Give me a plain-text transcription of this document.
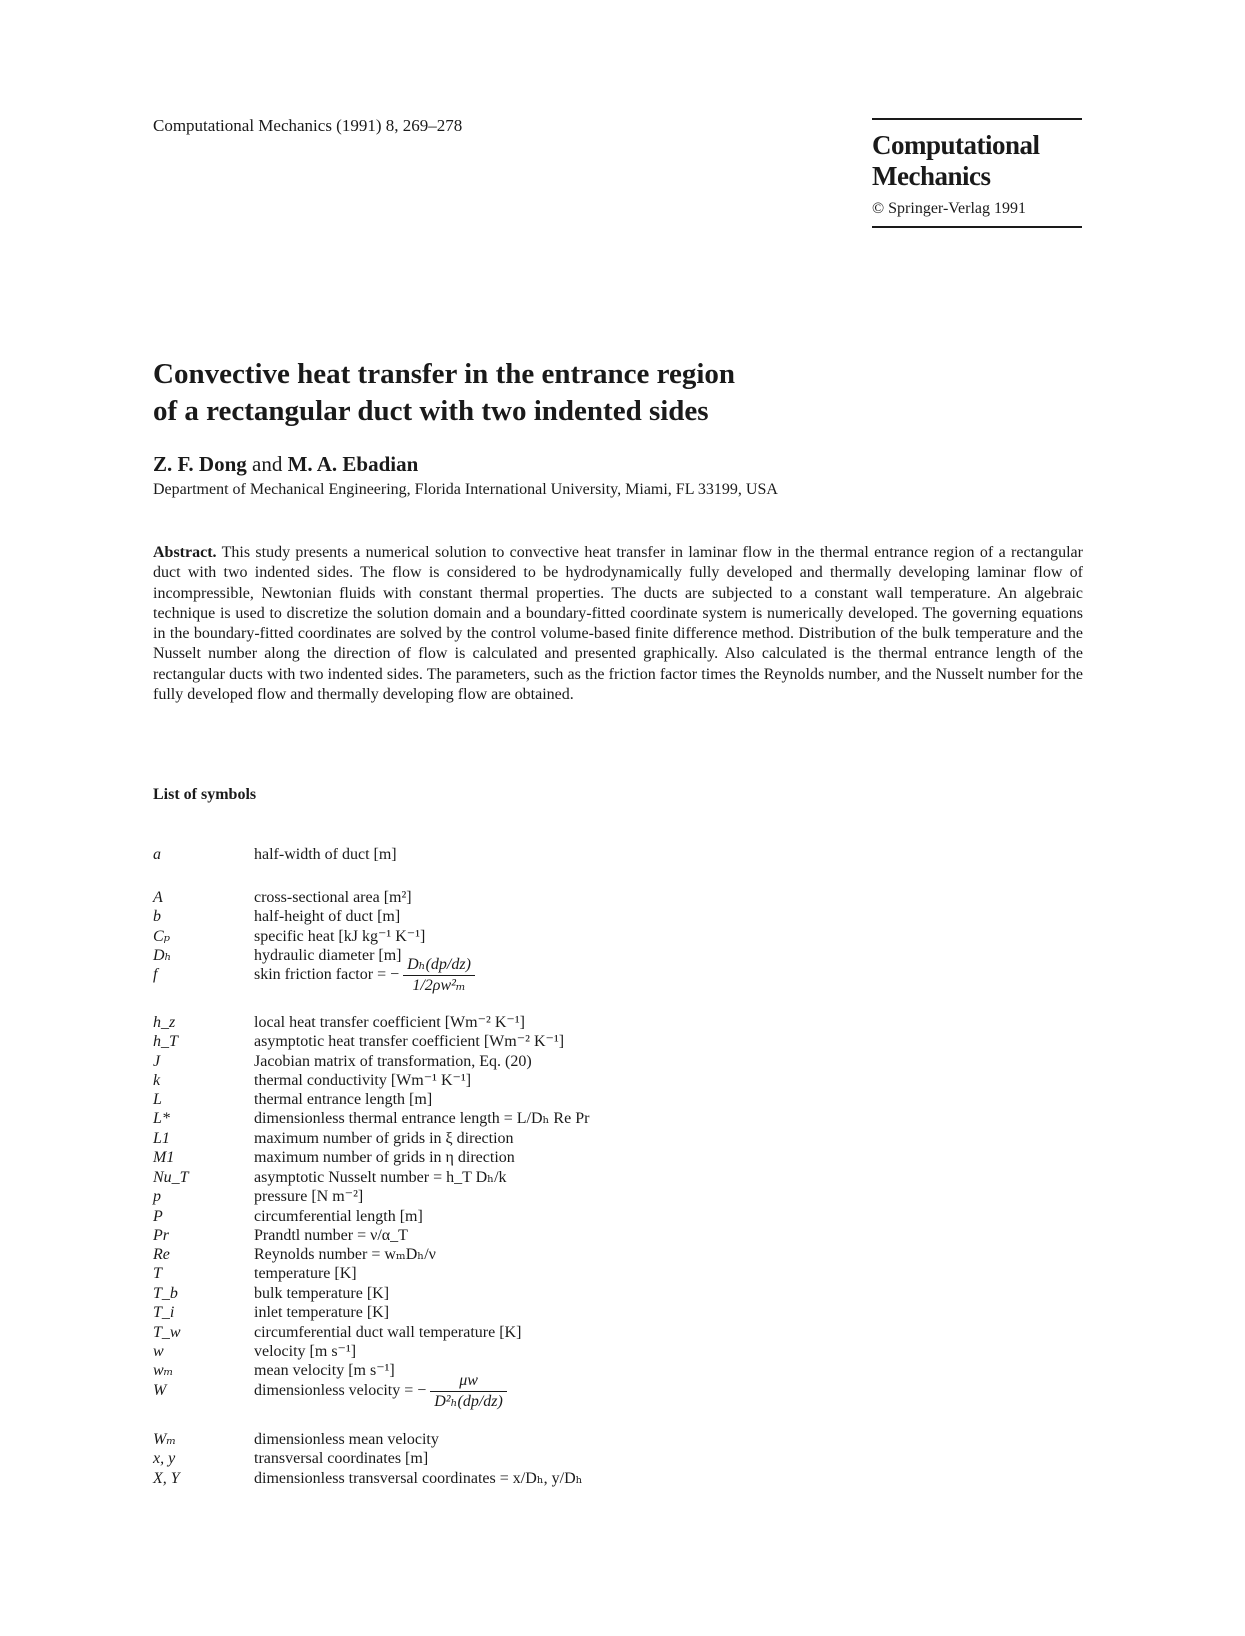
Computational Mechanics (1991) 8, 269–278
Computational
Mechanics
© Springer-Verlag 1991
Convective heat transfer in the entrance region
of a rectangular duct with two indented sides
Z. F. Dong and M. A. Ebadian
Department of Mechanical Engineering, Florida International University, Miami, FL 33199, USA
Abstract. This study presents a numerical solution to convective heat transfer in laminar flow in the thermal entrance region of a rectangular duct with two indented sides. The flow is considered to be hydrodynamically fully developed and thermally developing laminar flow of incompressible, Newtonian fluids with constant thermal properties. The ducts are subjected to a constant wall temperature. An algebraic technique is used to discretize the solution domain and a boundary-fitted coordinate system is numerically developed. The governing equations in the boundary-fitted coordinates are solved by the control volume-based finite difference method. Distribution of the bulk temperature and the Nusselt number along the direction of flow is calculated and presented graphically. Also calculated is the thermal entrance length of the rectangular ducts with two indented sides. The parameters, such as the friction factor times the Reynolds number, and the Nusselt number for the fully developed flow and thermally developing flow are obtained.
List of symbols
a	half-width of duct [m]
A	cross-sectional area [m²]
b	half-height of duct [m]
Cₚ	specific heat [kJ kg⁻¹ K⁻¹]
Dₕ	hydraulic diameter [m]
f	skin friction factor = − $\frac{\text{Dₕ(dp/dz)}}{\text{1/2ρw²ₘ}}$
h_z	local heat transfer coefficient [Wm⁻² K⁻¹]
h_T	asymptotic heat transfer coefficient [Wm⁻² K⁻¹]
J	Jacobian matrix of transformation, Eq. (20)
k	thermal conductivity [Wm⁻¹ K⁻¹]
L	thermal entrance length [m]
L*	dimensionless thermal entrance length = L/Dₕ Re Pr
L1	maximum number of grids in ξ direction
M1	maximum number of grids in η direction
Nu_T	asymptotic Nusselt number = h_T Dₕ/k
p	pressure [N m⁻²]
P	circumferential length [m]
Pr	Prandtl number = ν/α_T
Re	Reynolds number = wₘDₕ/ν
T	temperature [K]
T_b	bulk temperature [K]
T_i	inlet temperature [K]
T_w	circumferential duct wall temperature [K]
w	velocity [m s⁻¹]
wₘ	mean velocity [m s⁻¹]
W	dimensionless velocity = − $\frac{\mu w}{\text{D²ₕ(dp/dz)}}$
Wₘ	dimensionless mean velocity
x, y	transversal coordinates [m]
X, Y	dimensionless transversal coordinates = x/Dₕ, y/Dₕ
